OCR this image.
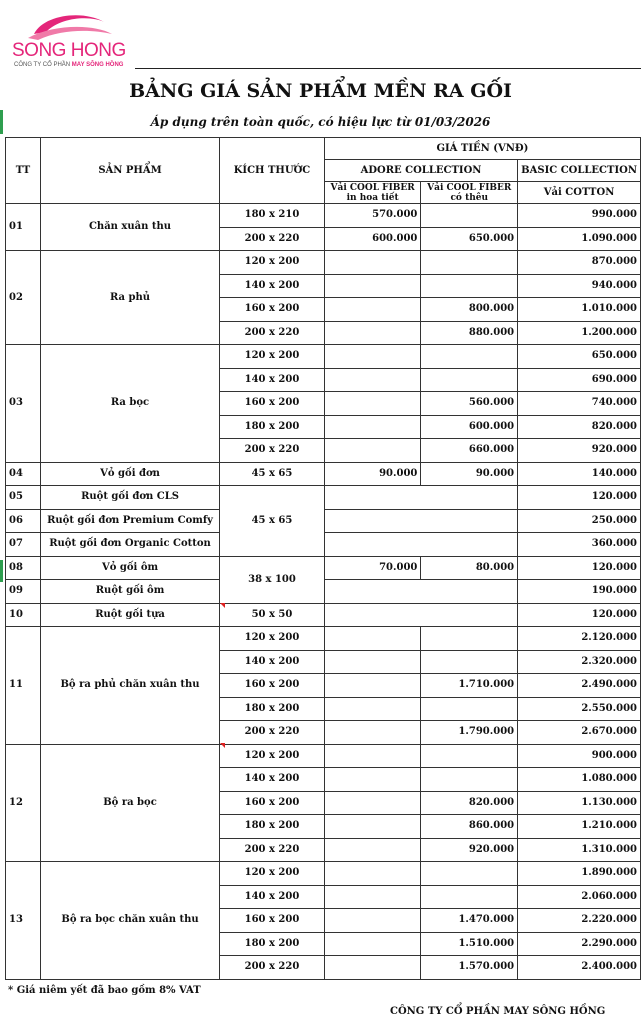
SONG HONG
CÔNG TY CỔ PHẦN MAY SÔNG HỒNG
BẢNG GIÁ SẢN PHẨM MỀN RA GỐI
Áp dụng trên toàn quốc, có hiệu lực từ 01/03/2026
TT	SẢN PHẨM	KÍCH THƯỚC	GIÁ TIỀN (VNĐ)		
			ADORE COLLECTION		BASIC COLLECTION
			Vải COOL FIBER in hoa tiết	Vải COOL FIBER có thêu	Vải COTTON
01	Chăn xuân thu	180 x 210	570.000		990.000
		200 x 220	600.000	650.000	1.090.000
02	Ra phủ	120 x 200			870.000
		140 x 200			940.000
		160 x 200		800.000	1.010.000
		200 x 220		880.000	1.200.000
03	Ra bọc	120 x 200			650.000
		140 x 200			690.000
		160 x 200		560.000	740.000
		180 x 200		600.000	820.000
		200 x 220		660.000	920.000
04	Vỏ gối đơn	45 x 65	90.000	90.000	140.000
05	Ruột gối đơn CLS	45 x 65			120.000
06	Ruột gối đơn Premium Comfy				250.000
07	Ruột gối đơn Organic Cotton				360.000
08	Vỏ gối ôm	38 x 100	70.000	80.000	120.000
09	Ruột gối ôm				190.000
10	Ruột gối tựa	50 x 50			120.000
11	Bộ ra phủ chăn xuân thu	120 x 200			2.120.000
		140 x 200			2.320.000
		160 x 200		1.710.000	2.490.000
		180 x 200			2.550.000
		200 x 220		1.790.000	2.670.000
12	Bộ ra bọc	120 x 200			900.000
		140 x 200			1.080.000
		160 x 200		820.000	1.130.000
		180 x 200		860.000	1.210.000
		200 x 220		920.000	1.310.000
13	Bộ ra bọc chăn xuân thu	120 x 200			1.890.000
		140 x 200			2.060.000
		160 x 200		1.470.000	2.220.000
		180 x 200		1.510.000	2.290.000
		200 x 220		1.570.000	2.400.000
* Giá niêm yết đã bao gồm 8% VAT
CÔNG TY CỔ PHẦN MAY SÔNG HỒNG
